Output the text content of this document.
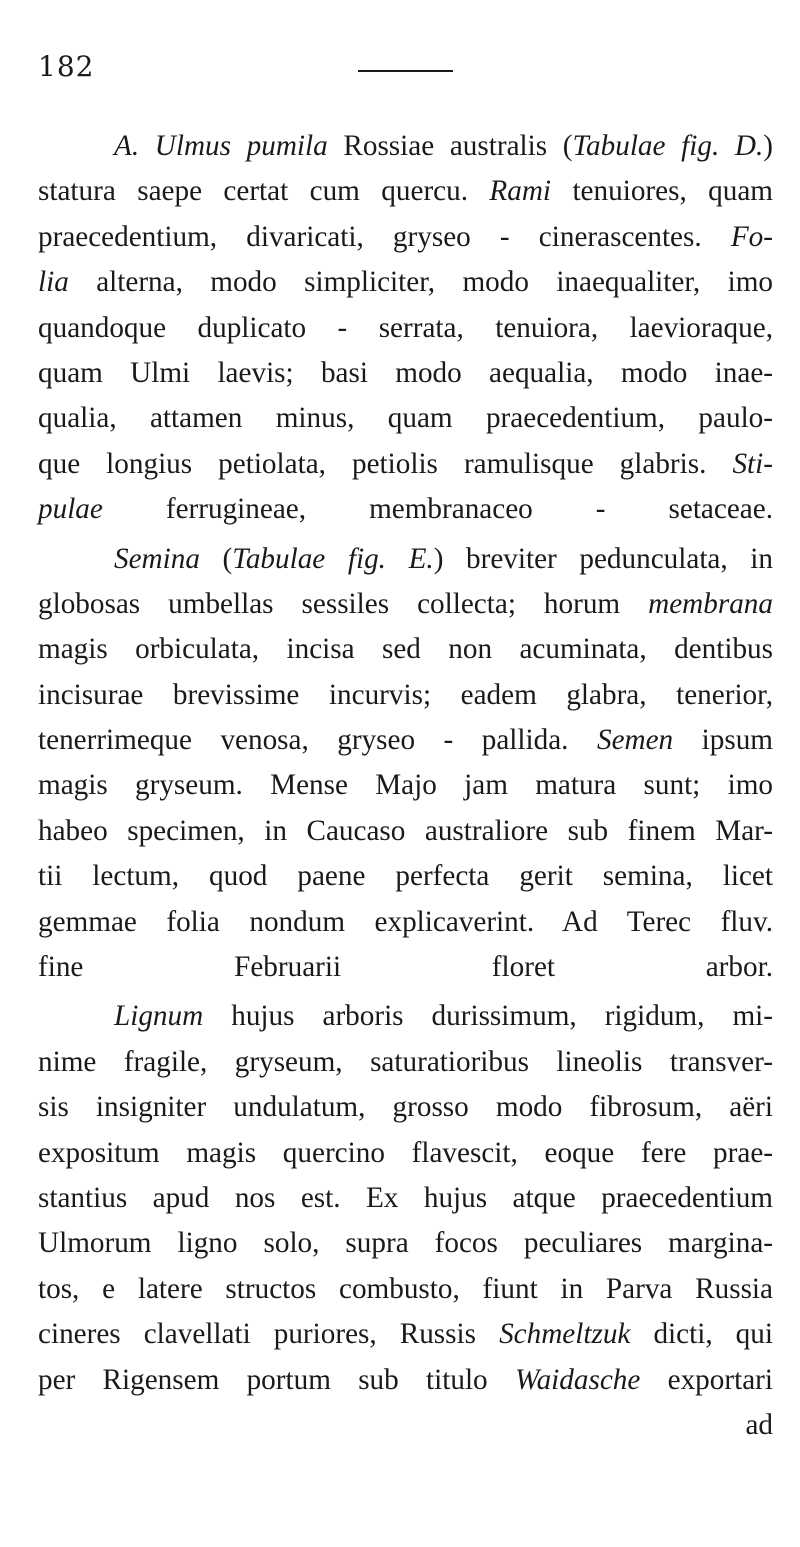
182
A. Ulmus pumila Rossiae australis (Tabulae fig. D.)
statura saepe certat cum quercu. Rami tenuiores, quam
praecedentium, divaricati, gryseo - cinerascentes. Fo-
lia alterna, modo simpliciter, modo inaequaliter, imo
quandoque duplicato - serrata, tenuiora, laevioraque,
quam Ulmi laevis; basi modo aequalia, modo inae-
qualia, attamen minus, quam praecedentium, paulo-
que longius petiolata, petiolis ramulisque glabris. Sti-
pulae ferrugineae, membranaceo - setaceae.
Semina (Tabulae fig. E.) breviter pedunculata, in
globosas umbellas sessiles collecta; horum membrana
magis orbiculata, incisa sed non acuminata, dentibus
incisurae brevissime incurvis; eadem glabra, tenerior,
tenerrimeque venosa, gryseo - pallida. Semen ipsum
magis gryseum. Mense Majo jam matura sunt; imo
habeo specimen, in Caucaso australiore sub finem Mar-
tii lectum, quod paene perfecta gerit semina, licet
gemmae folia nondum explicaverint. Ad Terec fluv.
fine Februarii floret arbor.
Lignum hujus arboris durissimum, rigidum, mi-
nime fragile, gryseum, saturatioribus lineolis transver-
sis insigniter undulatum, grosso modo fibrosum, aëri
expositum magis quercino flavescit, eoque fere prae-
stantius apud nos est. Ex hujus atque praecedentium
Ulmorum ligno solo, supra focos peculiares margina-
tos, e latere structos combusto, fiunt in Parva Russia
cineres clavellati puriores, Russis Schmeltzuk dicti, qui
per Rigensem portum sub titulo Waidasche exportari
ad
